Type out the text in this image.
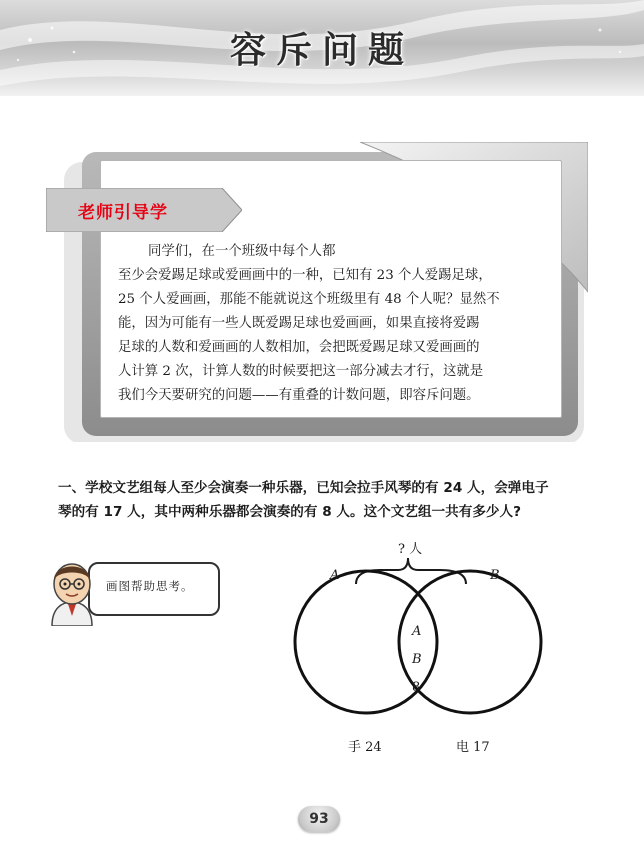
容斥问题
老师引导学
同学们，在一个班级中每个人都
至少会爱踢足球或爱画画中的一种，已知有 23 个人爱踢足球，
25 个人爱画画，那能不能就说这个班级里有 48 个人呢？显然不
能，因为可能有一些人既爱踢足球也爱画画，如果直接将爱踢
足球的人数和爱画画的人数相加，会把既爱踢足球又爱画画的
人计算 2 次，计算人数的时候要把这一部分减去才行，这就是
我们今天要研究的问题——有重叠的计数问题，即容斥问题。
一、学校文艺组每人至少会演奏一种乐器，已知会拉手风琴的有 24 人，会弹电子
琴的有 17 人，其中两种乐器都会演奏的有 8 人。这个文艺组一共有多少人?
画图帮助思考。
? 人
A	B
A
B
8
手 24	电 17
93
